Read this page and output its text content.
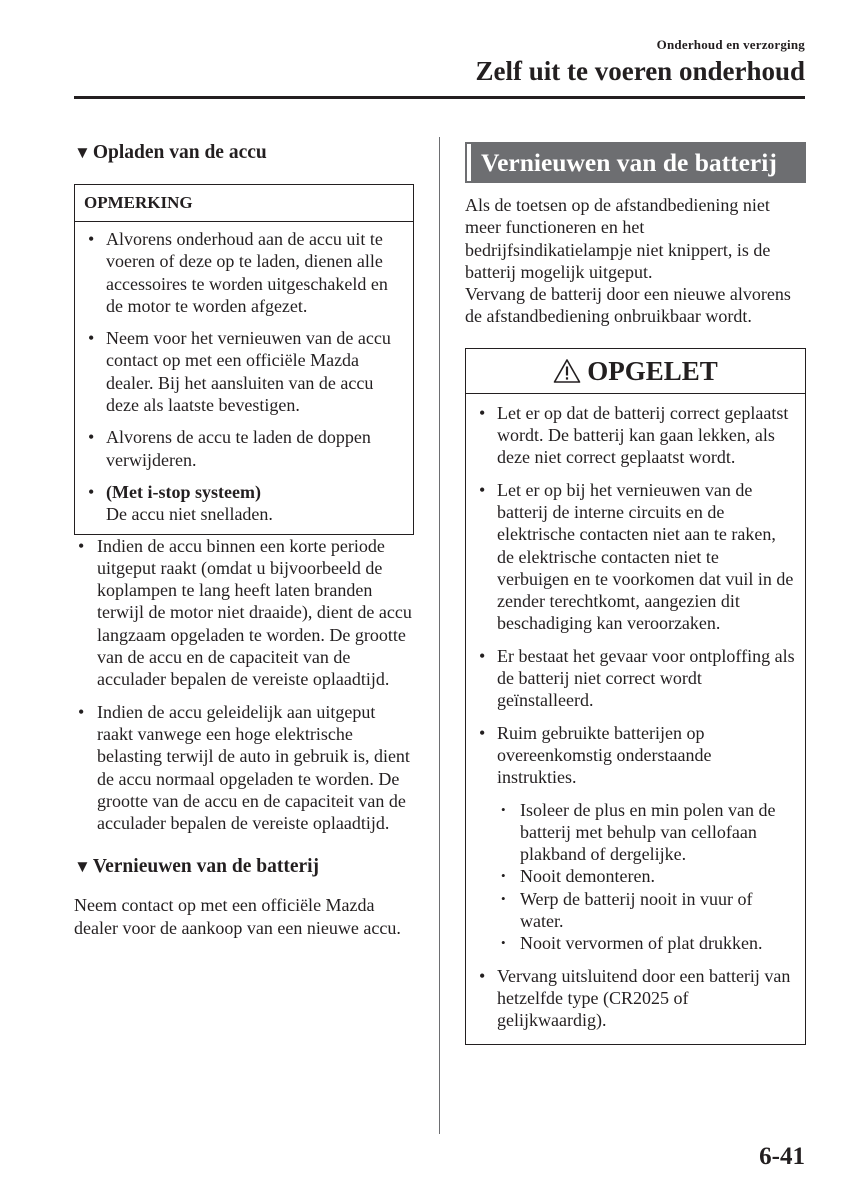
Onderhoud en verzorging
Zelf uit te voeren onderhoud
▼ Opladen van de accu
OPMERKING
• Alvorens onderhoud aan de accu uit te voeren of deze op te laden, dienen alle accessoires te worden uitgeschakeld en de motor te worden afgezet.
• Neem voor het vernieuwen van de accu contact op met een officiële Mazda dealer. Bij het aansluiten van de accu deze als laatste bevestigen.
• Alvorens de accu te laden de doppen verwijderen.
• (Met i-stop systeem)
De accu niet snelladen.
• Indien de accu binnen een korte periode uitgeput raakt (omdat u bijvoorbeeld de koplampen te lang heeft laten branden terwijl de motor niet draaide), dient de accu langzaam opgeladen te worden. De grootte van de accu en de capaciteit van de acculader bepalen de vereiste oplaadtijd.
• Indien de accu geleidelijk aan uitgeput raakt vanwege een hoge elektrische belasting terwijl de auto in gebruik is, dient de accu normaal opgeladen te worden. De grootte van de accu en de capaciteit van de acculader bepalen de vereiste oplaadtijd.
▼ Vernieuwen van de batterij

Neem contact op met een officiële Mazda dealer voor de aankoop van een nieuwe accu.

Vernieuwen van de batterij

Als de toetsen op de afstandbediening niet meer functioneren en het bedrijfsindikatielampje niet knippert, is de batterij mogelijk uitgeput.
Vervang de batterij door een nieuwe alvorens de afstandbediening onbruikbaar wordt.

OPGELET
• Let er op dat de batterij correct geplaatst wordt. De batterij kan gaan lekken, als deze niet correct geplaatst wordt.
• Let er op bij het vernieuwen van de batterij de interne circuits en de elektrische contacten niet aan te raken, de elektrische contacten niet te verbuigen en te voorkomen dat vuil in de zender terechtkomt, aangezien dit beschadiging kan veroorzaken.
• Er bestaat het gevaar voor ontploffing als de batterij niet correct wordt geïnstalleerd.
• Ruim gebruikte batterijen op overeenkomstig onderstaande instrukties.
• Isoleer de plus en min polen van de batterij met behulp van cellofaan plakband of dergelijke.
• Nooit demonteren.
• Werp de batterij nooit in vuur of water.
• Nooit vervormen of plat drukken.
• Vervang uitsluitend door een batterij van hetzelfde type (CR2025 of gelijkwaardig).
6-41
